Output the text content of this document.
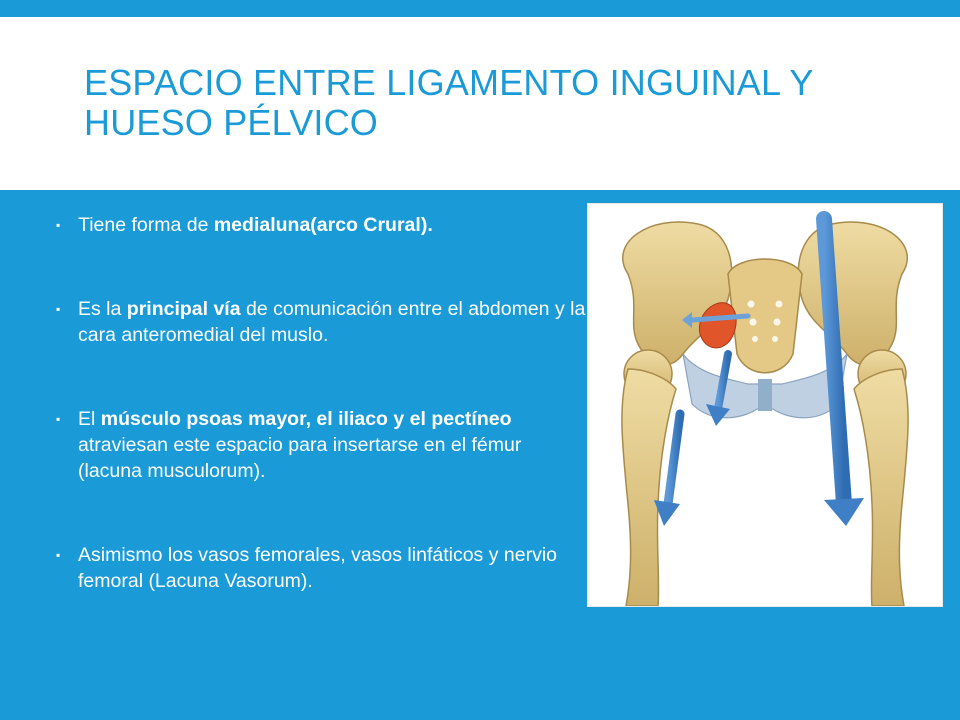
ESPACIO ENTRE LIGAMENTO INGUINAL Y HUESO PÉLVICO
▪ Tiene forma de medialuna(arco Crural).
▪ Es la principal vía de comunicación entre el abdomen y la cara anteromedial del muslo.
▪ El músculo psoas mayor, el iliaco y el pectíneo atraviesan este espacio para insertarse en el fémur (lacuna musculorum).
▪ Asimismo los vasos femorales, vasos linfáticos y nervio femoral (Lacuna Vasorum).
